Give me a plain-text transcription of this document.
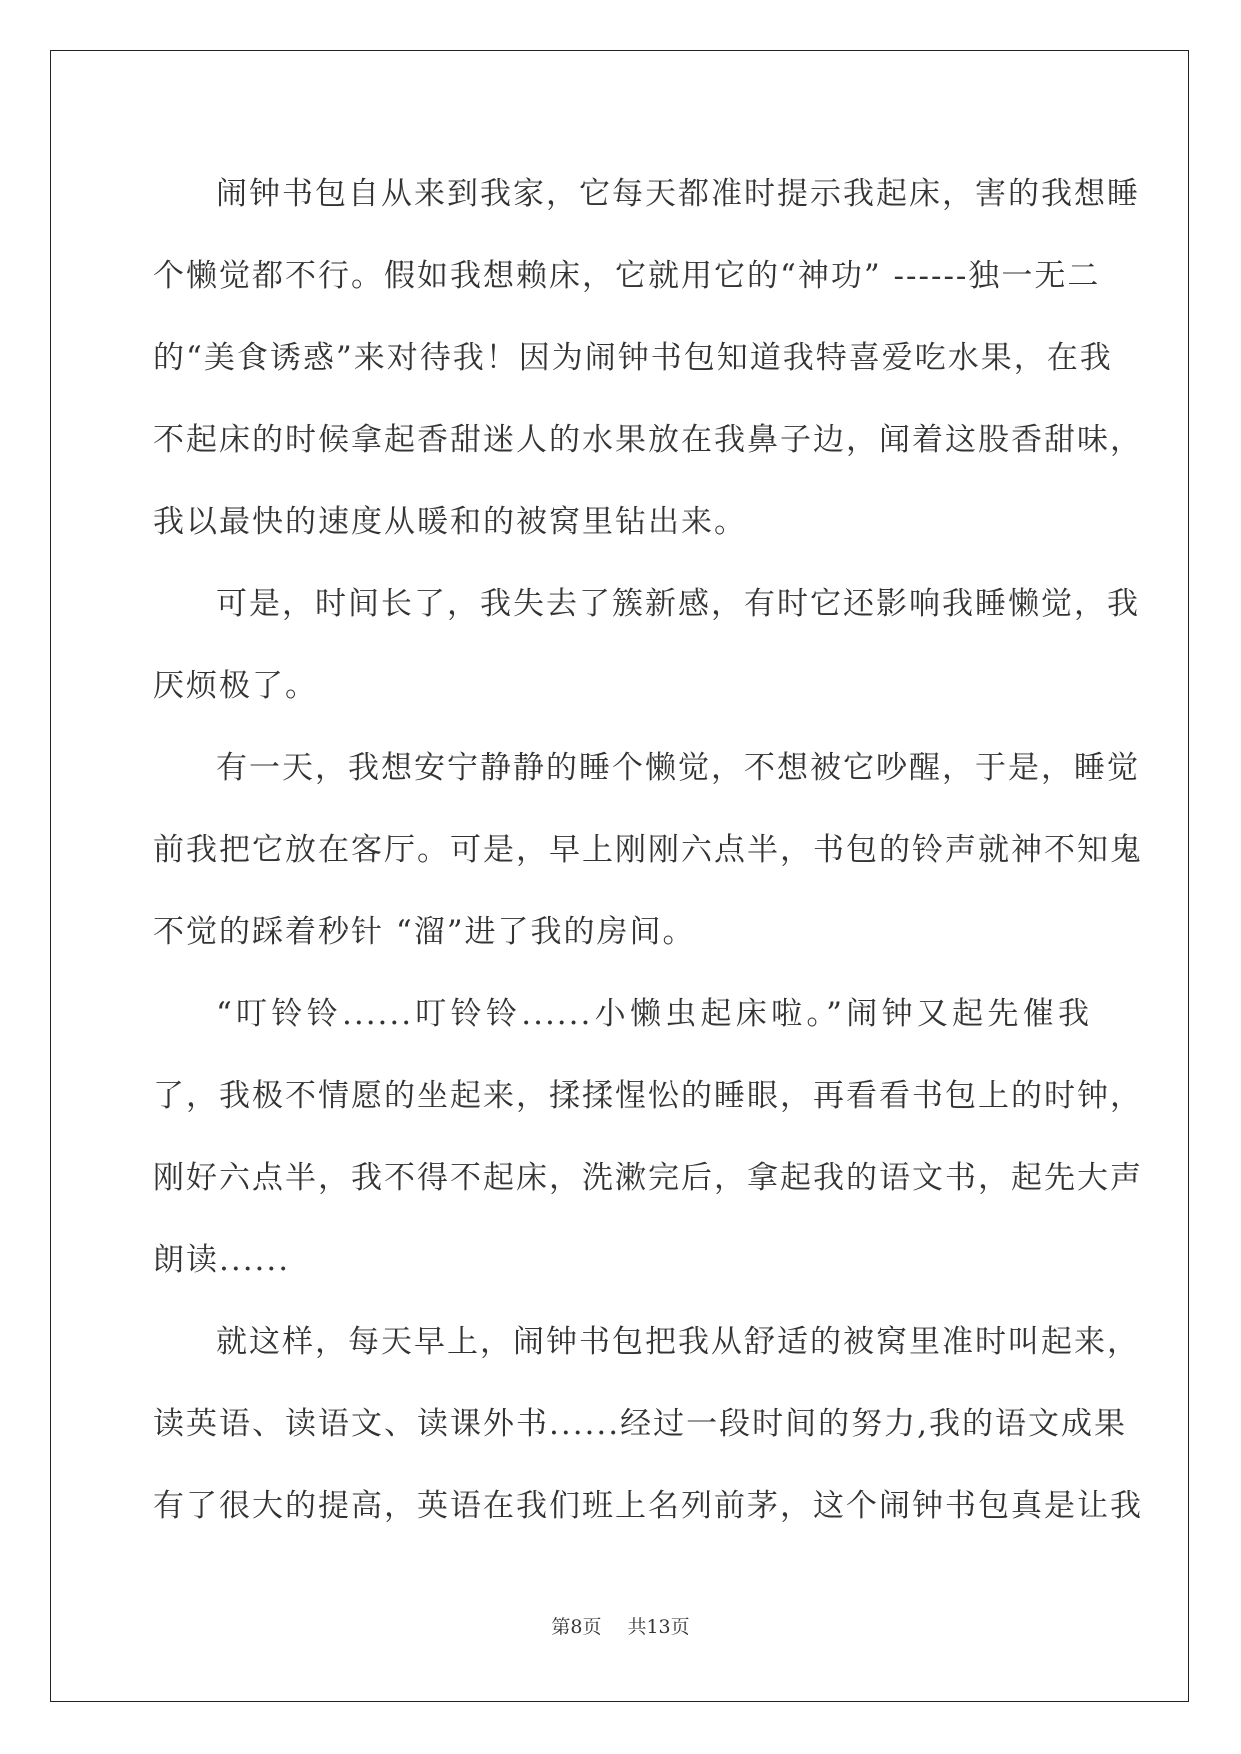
闹钟书包自从来到我家，它每天都准时提示我起床，害的我想睡
个懒觉都不行。假如我想赖床，它就用它的“神功” ------独一无二
的“美食诱惑”来对待我！因为闹钟书包知道我特喜爱吃水果，在我
不起床的时候拿起香甜迷人的水果放在我鼻子边，闻着这股香甜味，
我以最快的速度从暖和的被窝里钻出来。
可是，时间长了，我失去了簇新感，有时它还影响我睡懒觉，我
厌烦极了。
有一天，我想安宁静静的睡个懒觉，不想被它吵醒，于是，睡觉
前我把它放在客厅。可是，早上刚刚六点半，书包的铃声就神不知鬼
不觉的踩着秒针 “溜”进了我的房间。
“叮铃铃......叮铃铃......小懒虫起床啦。”闹钟又起先催我
了，我极不情愿的坐起来，揉揉惺忪的睡眼，再看看书包上的时钟，
刚好六点半，我不得不起床，洗漱完后，拿起我的语文书，起先大声
朗读......
就这样，每天早上，闹钟书包把我从舒适的被窝里准时叫起来，
读英语、读语文、读课外书......经过一段时间的努力,我的语文成果
有了很大的提高，英语在我们班上名列前茅，这个闹钟书包真是让我
第8页 共13页
